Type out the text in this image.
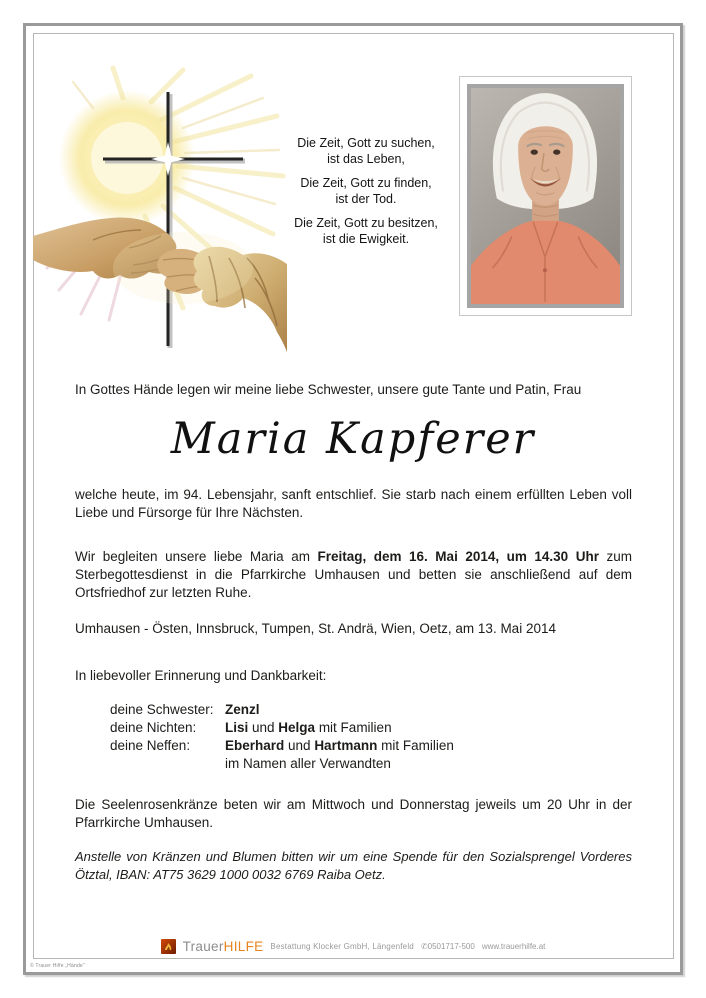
Die Zeit, Gott zu suchen,
ist das Leben,
Die Zeit, Gott zu finden,
ist der Tod.
Die Zeit, Gott zu besitzen,
ist die Ewigkeit.
In Gottes Hände legen wir meine liebe Schwester, unsere gute Tante und Patin, Frau
Maria Kapferer
welche heute, im 94. Lebensjahr, sanft entschlief. Sie starb nach einem erfüllten Leben voll Liebe und Fürsorge für Ihre Nächsten.
Wir begleiten unsere liebe Maria am Freitag, dem 16. Mai 2014, um 14.30 Uhr zum Sterbegottesdienst in die Pfarrkirche Umhausen und betten sie anschließend auf dem Ortsfriedhof zur letzten Ruhe.
Umhausen - Östen, Innsbruck, Tumpen, St. Andrä, Wien, Oetz, am 13. Mai 2014
In liebevoller Erinnerung und Dankbarkeit:
deine Schwester: Zenzl
deine Nichten:	Lisi und Helga mit Familien
deine Neffen:	Eberhard und Hartmann mit Familien
im Namen aller Verwandten
Die Seelenrosenkränze beten wir am Mittwoch und Donnerstag jeweils um 20 Uhr in der Pfarrkirche Umhausen.
Anstelle von Kränzen und Blumen bitten wir um eine Spende für den Sozialsprengel Vorderes Ötztal, IBAN: AT75 3629 1000 0032 6769 Raiba Oetz.
TrauerHILFE Bestattung Klocker GmbH, Längenfeld ✆0501717-500 www.trauerhilfe.at
© Trauer Hilfe „Hände"
